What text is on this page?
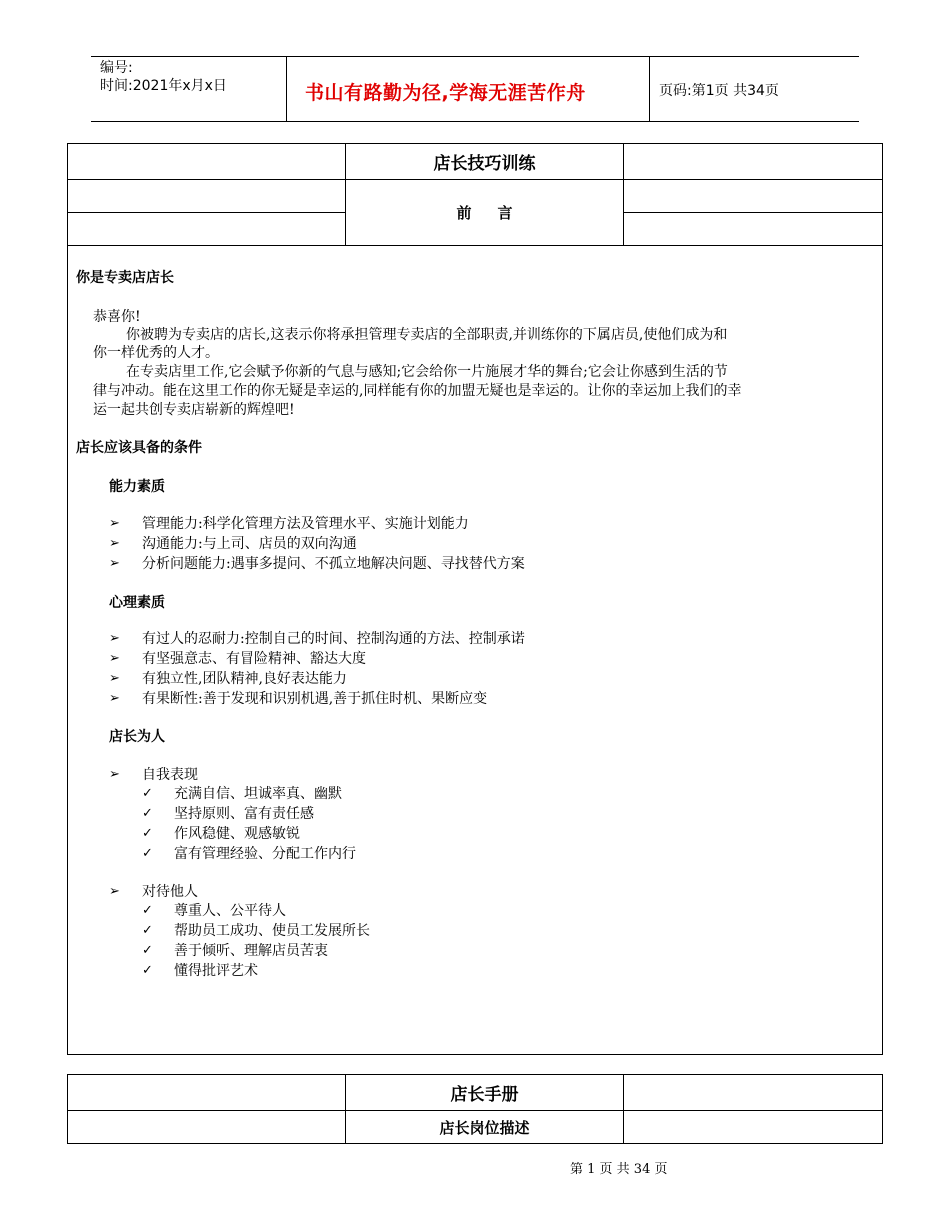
编号:
时间:2021年x月x日	书山有路勤为径,学海无涯苦作舟	页码:第1页 共34页
	店长技巧训练	
	前言	

你是专卖店店长
恭喜你!
你被聘为专卖店的店长,这表示你将承担管理专卖店的全部职责,并训练你的下属店员,使他们成为和
你一样优秀的人才。
在专卖店里工作,它会赋予你新的气息与感知;它会给你一片施展才华的舞台;它会让你感到生活的节
律与冲动。能在这里工作的你无疑是幸运的,同样能有你的加盟无疑也是幸运的。让你的幸运加上我们的幸
运一起共创专卖店崭新的辉煌吧!
店长应该具备的条件
能力素质
➢ 管理能力:科学化管理方法及管理水平、实施计划能力
➢ 沟通能力:与上司、店员的双向沟通
➢ 分析问题能力:遇事多提问、不孤立地解决问题、寻找替代方案
心理素质
➢ 有过人的忍耐力:控制自己的时间、控制沟通的方法、控制承诺
➢ 有坚强意志、有冒险精神、豁达大度
➢ 有独立性,团队精神,良好表达能力
➢ 有果断性:善于发现和识别机遇,善于抓住时机、果断应变
店长为人
➢ 自我表现
✓ 充满自信、坦诚率真、幽默
✓ 坚持原则、富有责任感
✓ 作风稳健、观感敏锐
✓ 富有管理经验、分配工作内行
➢ 对待他人
✓ 尊重人、公平待人
✓ 帮助员工成功、使员工发展所长
✓ 善于倾听、理解店员苦衷
✓ 懂得批评艺术
	店长手册	
	店长岗位描述	
第 1 页 共 34 页
